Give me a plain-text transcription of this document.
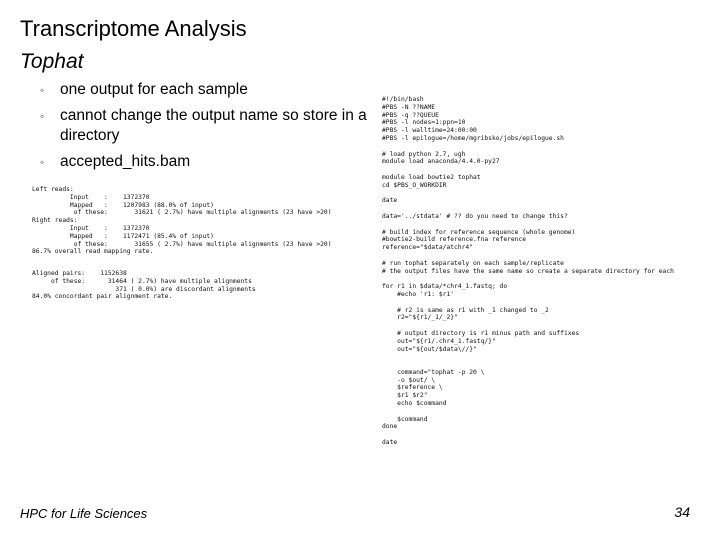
Transcriptome Analysis
Tophat
◦ one output for each sample
◦ cannot change the output name so store in a directory
◦ accepted_hits.bam
Left reads:
Input    :    1372370
Mapped   :    1207983 (88.0% of input)
of these:       31621 ( 2.7%) have multiple alignments (23 have >20)
Right reads:
Input    :    1372370
Mapped   :    1172471 (85.4% of input)
of these:       31655 ( 2.7%) have multiple alignments (23 have >20)
86.7% overall read mapping rate.
Aligned pairs:    1152638
of these:      31464 ( 2.7%) have multiple alignments
371 ( 0.0%) are discordant alignments
84.0% concordant pair alignment rate.
#!/bin/bash
#PBS -N ??NAME
#PBS -q ??QUEUE
#PBS -l nodes=1:ppn=10
#PBS -l walltime=24:00:00
#PBS -l epilogue=/home/mgribsko/jobs/epilogue.sh

# load python 2.7, ugh
module load anaconda/4.4.0-py27

module load bowtie2 tophat
cd $PBS_O_WORKDIR

date

data='../stdata' # ?? do you need to change this?

# build index for reference sequence (whole genome)
#bowtie2-build reference.fna reference
reference="$data/atchr4"

# run tophat separately on each sample/replicate
# the output files have the same name so create a separate directory for each

for r1 in $data/*chr4_1.fastq; do
#echo 'r1: $r1'

# r2 is same as r1 with _1 changed to _2
r2="${r1/_1/_2}"

# output directory is r1 minus path and suffixes
out="${r1/.chr4_1.fastq/}"
out="${out/$data\//}"

command="tophat -p 20 \
-o $out/ \
$reference \
$r1 $r2"
echo $command

$command
done

date
HPC for Life Sciences	34
